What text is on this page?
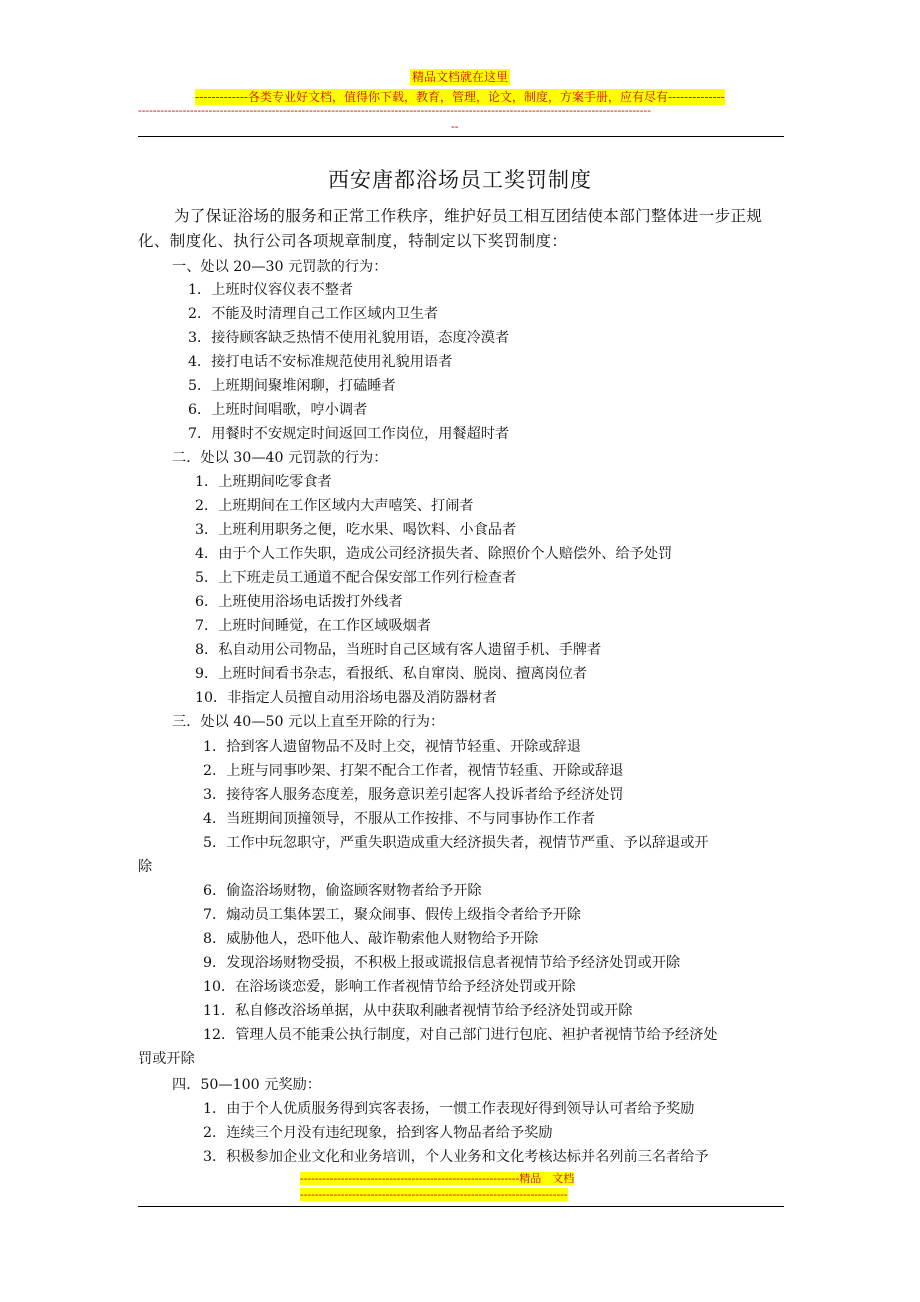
精品文档就在这里
-------------各类专业好文档，值得你下载，教育，管理，论文，制度，方案手册，应有尽有--------------
------------------------------------------------------------------------------------------------------------------------------------------
--
西安唐都浴场员工奖罚制度
为了保证浴场的服务和正常工作秩序，维护好员工相互团结使本部门整体进一步正规化、制度化、执行公司各项规章制度，特制定以下奖罚制度：
一、处以 20—30 元罚款的行为：
1．上班时仪容仪表不整者
2．不能及时清理自己工作区域内卫生者
3．接待顾客缺乏热情不使用礼貌用语，态度冷漠者
4．接打电话不安标准规范使用礼貌用语者
5．上班期间聚堆闲聊，打磕睡者
6．上班时间唱歌，哼小调者
7．用餐时不安规定时间返回工作岗位，用餐超时者
二．处以 30—40 元罚款的行为：
1．上班期间吃零食者
2．上班期间在工作区域内大声嘻笑、打闹者
3．上班利用职务之便，吃水果、喝饮料、小食品者
4．由于个人工作失职，造成公司经济损失者、除照价个人赔偿外、给予处罚
5．上下班走员工通道不配合保安部工作列行检查者
6．上班使用浴场电话拨打外线者
7．上班时间睡觉，在工作区域吸烟者
8．私自动用公司物品，当班时自己区域有客人遗留手机、手牌者
9．上班时间看书杂志，看报纸、私自窜岗、脱岗、擅离岗位者
10．非指定人员擅自动用浴场电器及消防器材者
三．处以 40—50 元以上直至开除的行为：
1．拾到客人遗留物品不及时上交，视情节轻重、开除或辞退
2．上班与同事吵架、打架不配合工作者，视情节轻重、开除或辞退
3．接待客人服务态度差，服务意识差引起客人投诉者给予经济处罚
4．当班期间顶撞领导，不服从工作按排、不与同事协作工作者
5．工作中玩忽职守，严重失职造成重大经济损失者，视情节严重、予以辞退或开
除
6．偷盗浴场财物，偷盗顾客财物者给予开除
7．煽动员工集体罢工，聚众闹事、假传上级指令者给予开除
8．威胁他人，恐吓他人、敲诈勒索他人财物给予开除
9．发现浴场财物受损，不积极上报或谎报信息者视情节给予经济处罚或开除
10．在浴场谈恋爱，影响工作者视情节给予经济处罚或开除
11．私自修改浴场单据，从中获取利融者视情节给予经济处罚或开除
12．管理人员不能秉公执行制度，对自己部门进行包庇、袒护者视情节给予经济处
罚或开除
四．50—100 元奖励：
1．由于个人优质服务得到宾客表扬，一惯工作表现好得到领导认可者给予奖励
2．连续三个月没有违纪现象，拾到客人物品者给予奖励
3．积极参加企业文化和业务培训，个人业务和文化考核达标并名列前三名者给予
-----------------------------------------------------------精品　文档
------------------------------------------------------------------------
